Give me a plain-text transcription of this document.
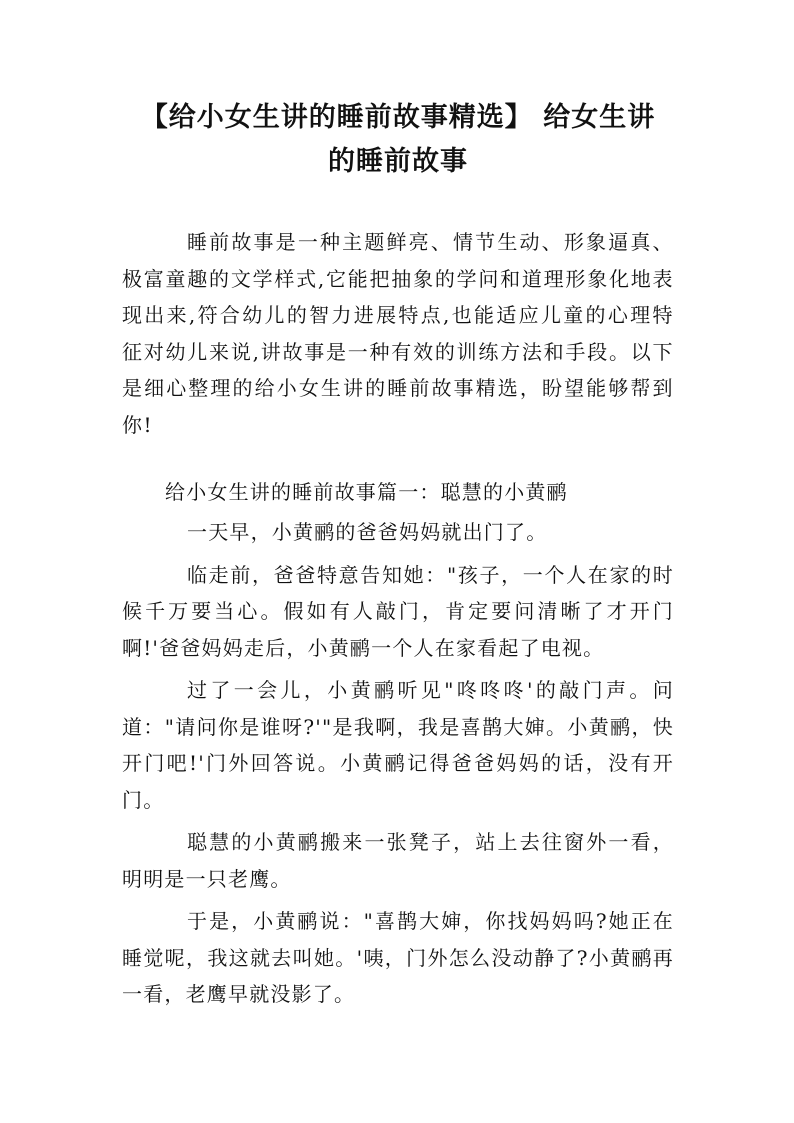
【给小女生讲的睡前故事精选】 给女生讲
的睡前故事

睡前故事是一种主题鲜亮、情节生动、形象逼真、极富童趣的文学样式,它能把抽象的学问和道理形象化地表现出来,符合幼儿的智力进展特点,也能适应儿童的心理特征对幼儿来说,讲故事是一种有效的训练方法和手段。以下是细心整理的给小女生讲的睡前故事精选，盼望能够帮到你!

给小女生讲的睡前故事篇一：聪慧的小黄鹂

一天早，小黄鹂的爸爸妈妈就出门了。

临走前，爸爸特意告知她："孩子，一个人在家的时候千万要当心。假如有人敲门，肯定要问清晰了才开门啊!'爸爸妈妈走后，小黄鹂一个人在家看起了电视。

过了一会儿，小黄鹂听见"咚咚咚'的敲门声。问道："请问你是谁呀?'"是我啊，我是喜鹊大婶。小黄鹂，快开门吧!'门外回答说。小黄鹂记得爸爸妈妈的话，没有开门。

聪慧的小黄鹂搬来一张凳子，站上去往窗外一看，明明是一只老鹰。

于是，小黄鹂说："喜鹊大婶，你找妈妈吗?她正在睡觉呢，我这就去叫她。'咦，门外怎么没动静了?小黄鹂再一看，老鹰早就没影了。
